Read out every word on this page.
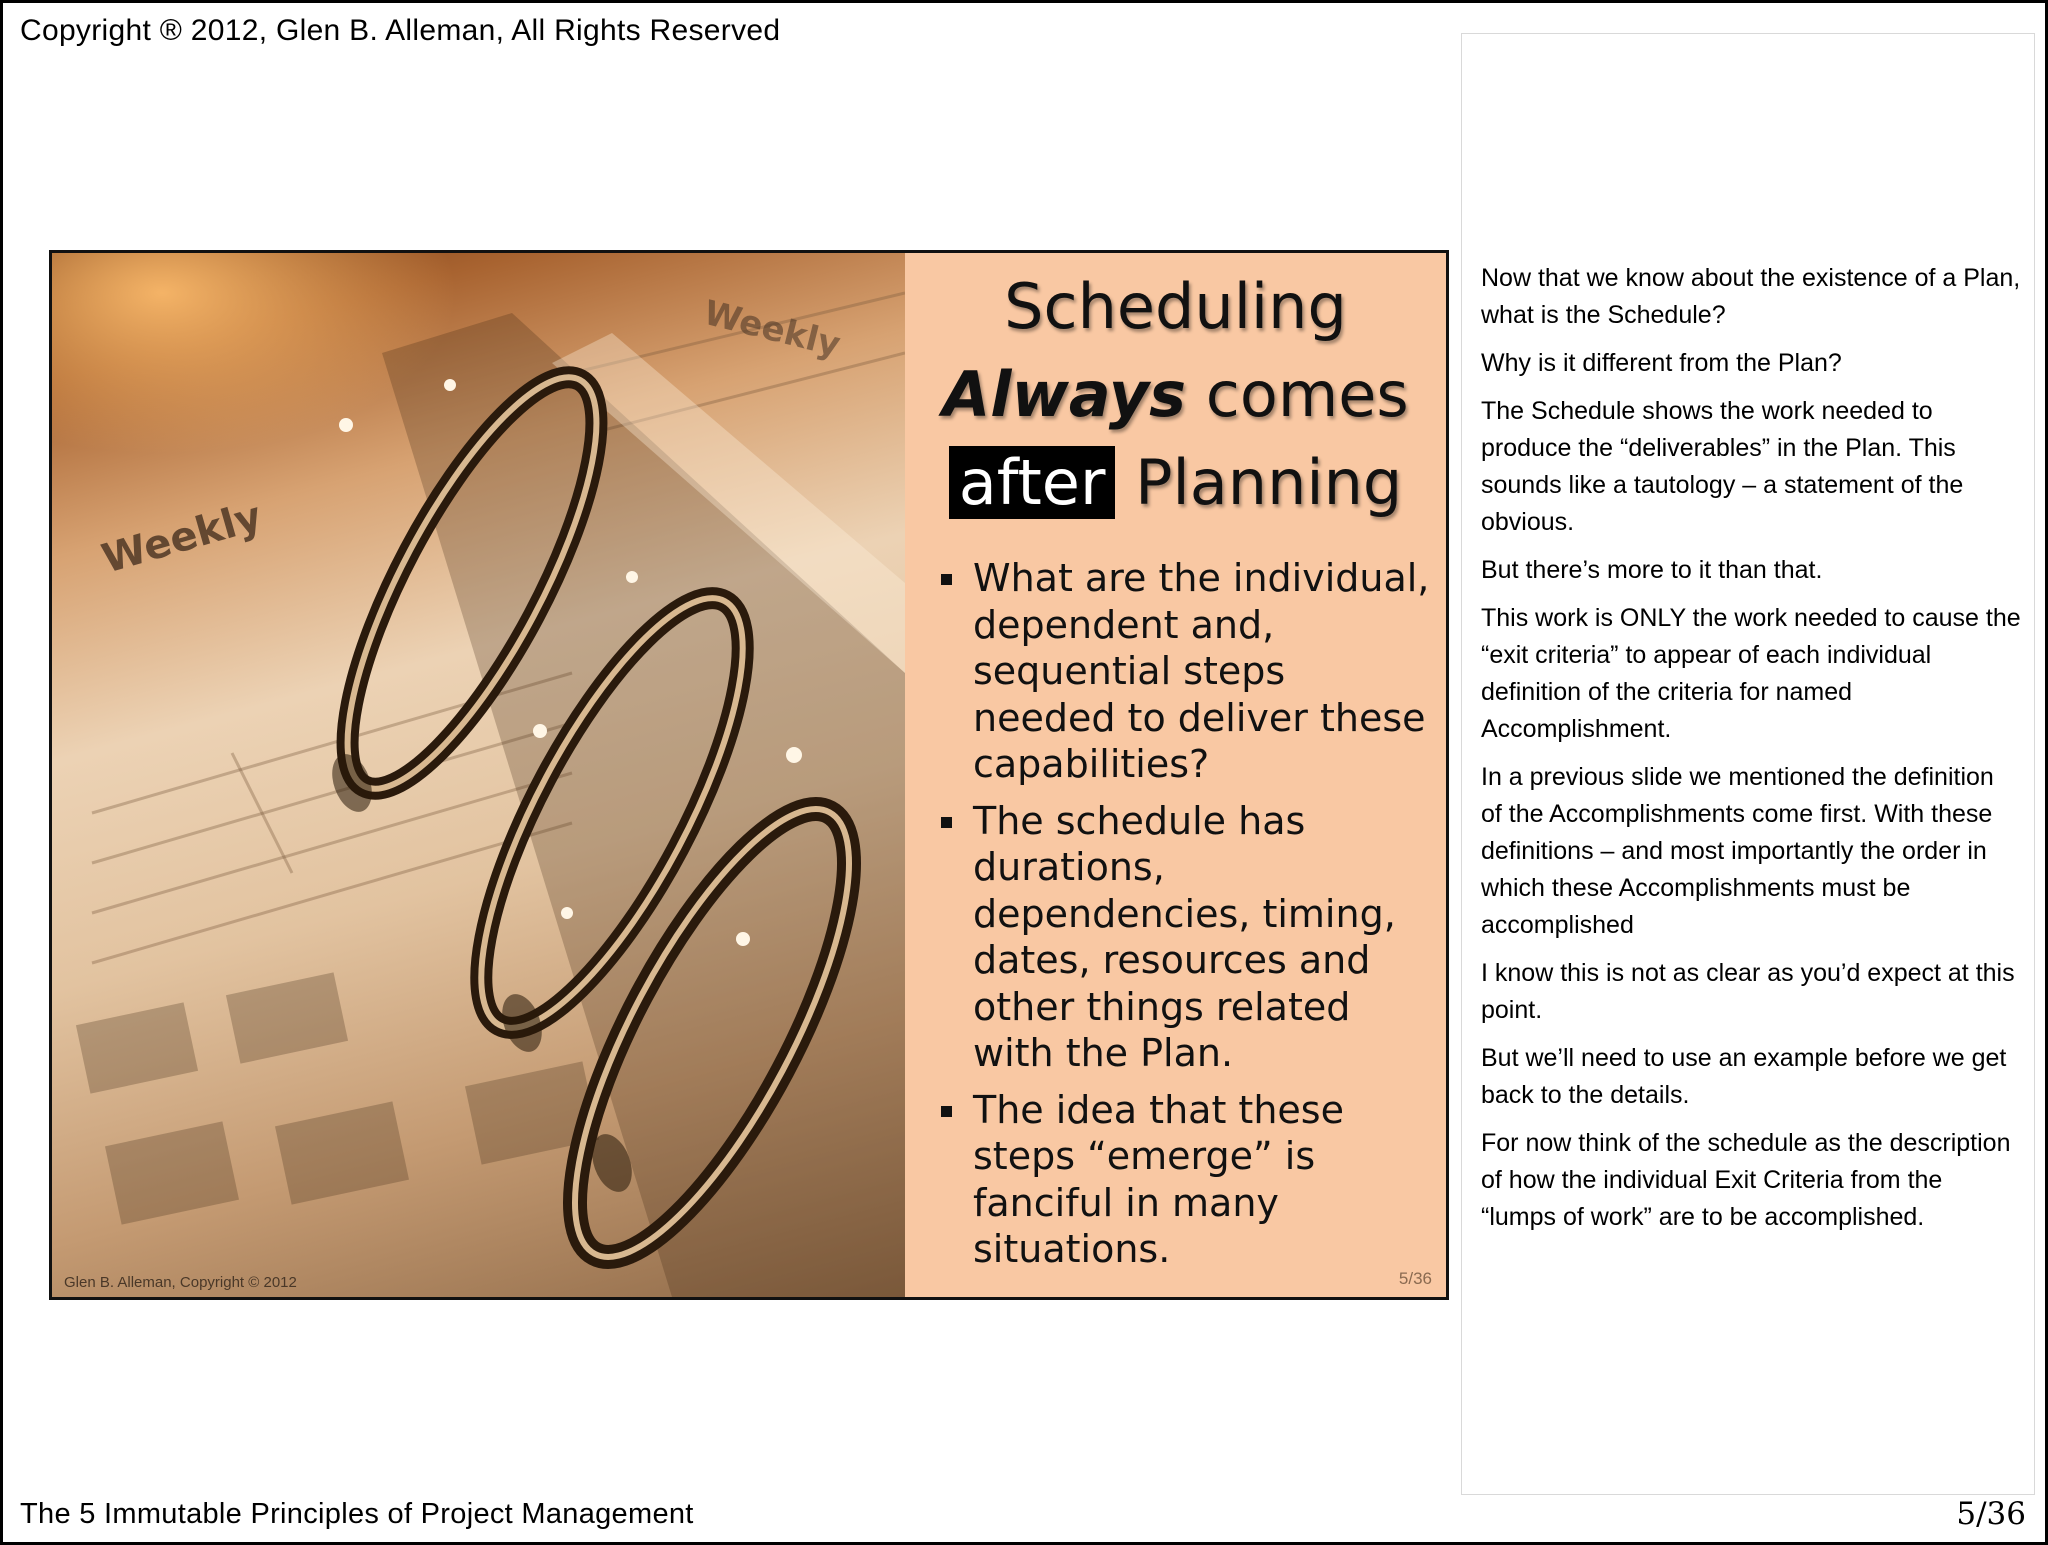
Copyright ® 2012, Glen B. Alleman, All Rights Reserved
Weekly
Weekly
Glen B. Alleman, Copyright © 2012
Scheduling
Always comes
after Planning
What are the individual, dependent and, sequential steps needed to deliver these capabilities?
The schedule has durations, dependencies, timing, dates, resources and other things related with the Plan.
The idea that these steps “emerge” is fanciful in many situations.
5/36

Now that we know about the existence of a Plan, what is the Schedule?

Why is it different from the Plan?

The Schedule shows the work needed to produce the “deliverables” in the Plan. This sounds like a tautology – a statement of the obvious.

But there’s more to it than that.

This work is ONLY the work needed to cause the “exit criteria” to appear of each individual definition of the criteria for named Accomplishment.

In a previous slide we mentioned the definition of the Accomplishments come first. With these definitions – and most importantly the order in which these Accomplishments must be accomplished

I know this is not as clear as you’d expect at this point.

But we’ll need to use an example before we get back to the details.

For now think of the schedule as the description of how the individual Exit Criteria from the “lumps of work” are to be accomplished.

The 5 Immutable Principles of Project Management	5/36
